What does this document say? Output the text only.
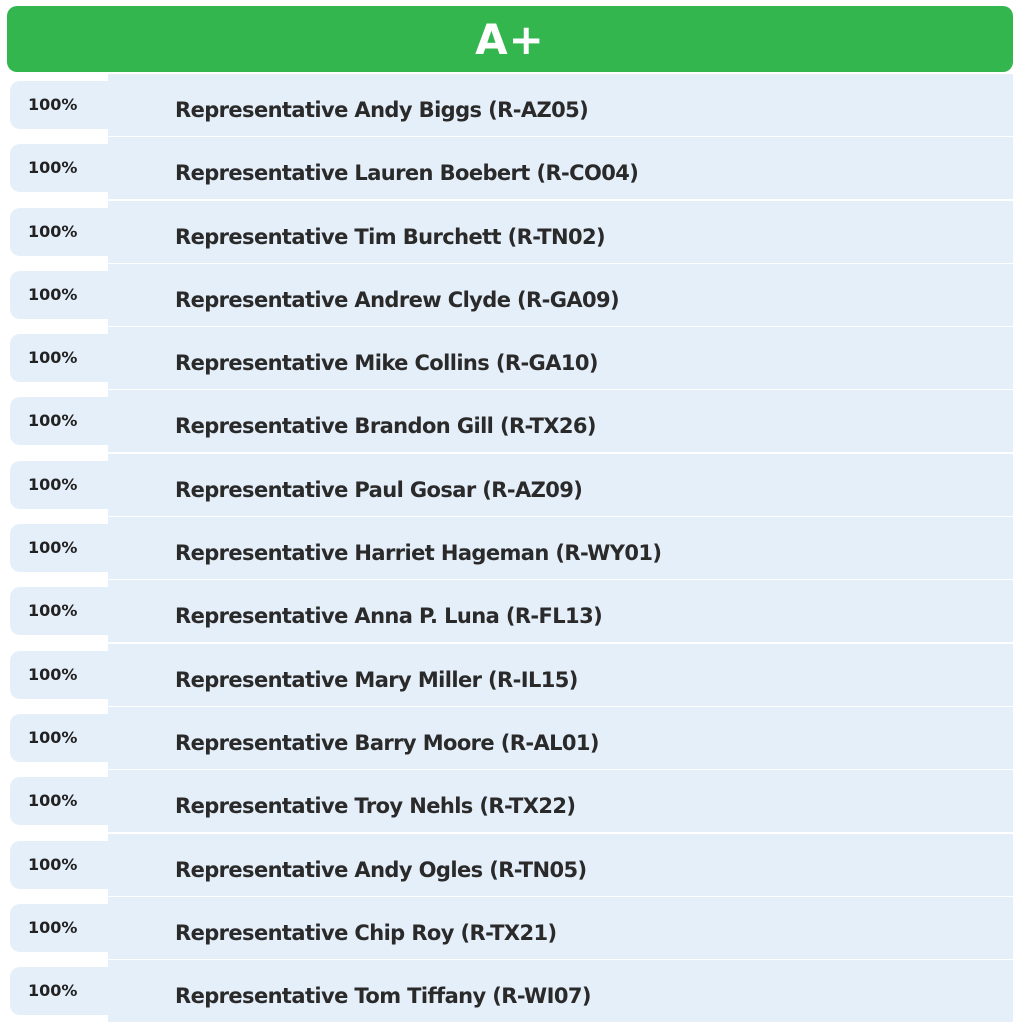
A+
100%	Representative Andy Biggs (R-AZ05)
100%	Representative Lauren Boebert (R-CO04)
100%	Representative Tim Burchett (R-TN02)
100%	Representative Andrew Clyde (R-GA09)
100%	Representative Mike Collins (R-GA10)
100%	Representative Brandon Gill (R-TX26)
100%	Representative Paul Gosar (R-AZ09)
100%	Representative Harriet Hageman (R-WY01)
100%	Representative Anna P. Luna (R-FL13)
100%	Representative Mary Miller (R-IL15)
100%	Representative Barry Moore (R-AL01)
100%	Representative Troy Nehls (R-TX22)
100%	Representative Andy Ogles (R-TN05)
100%	Representative Chip Roy (R-TX21)
100%	Representative Tom Tiffany (R-WI07)
